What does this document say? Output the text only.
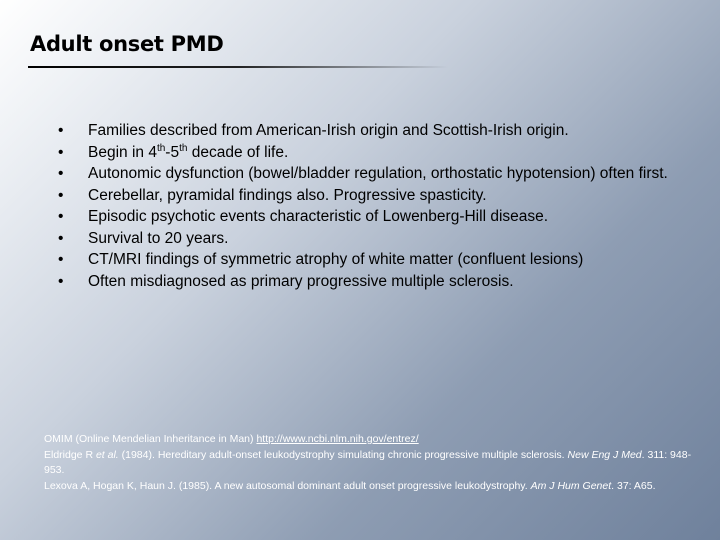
Adult onset PMD
• Families described from American-Irish origin and Scottish-Irish origin.
• Begin in 4th-5th decade of life.
• Autonomic dysfunction (bowel/bladder regulation, orthostatic hypotension) often first.
• Cerebellar, pyramidal findings also. Progressive spasticity.
• Episodic psychotic events characteristic of Lowenberg-Hill disease.
• Survival to 20 years.
• CT/MRI findings of symmetric atrophy of white matter (confluent lesions)
• Often misdiagnosed as primary progressive multiple sclerosis.

OMIM (Online Mendelian Inheritance in Man) http://www.ncbi.nlm.nih.gov/entrez/

Eldridge R et al. (1984). Hereditary adult-onset leukodystrophy simulating chronic progressive multiple sclerosis. New Eng J Med. 311: 948-953.

Lexova A, Hogan K, Haun J. (1985). A new autosomal dominant adult onset progressive leukodystrophy. Am J Hum Genet. 37: A65.
